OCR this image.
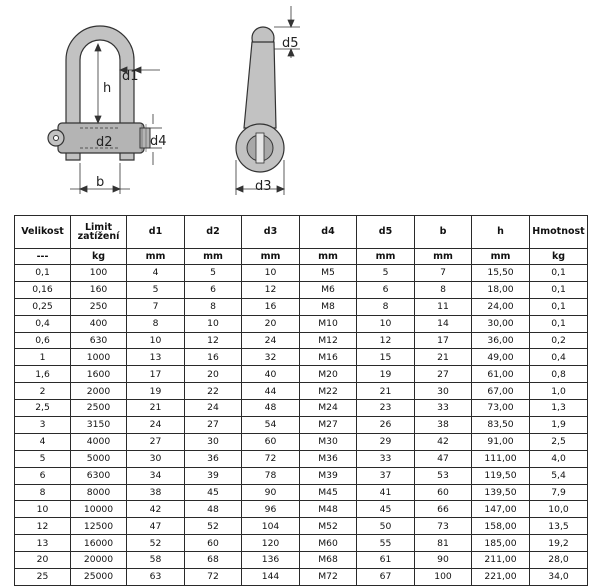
h
d1
d2	d4
b
d5
d3
Velikost	Limit zatížení	d1	d2	d3	d4	d5	b	h	Hmotnost
---	kg	mm	mm	mm	mm	mm	mm	mm	kg
0,1	100	4	5	10	M5	5	7	15,50	0,1
0,16	160	5	6	12	M6	6	8	18,00	0,1
0,25	250	7	8	16	M8	8	11	24,00	0,1
0,4	400	8	10	20	M10	10	14	30,00	0,1
0,6	630	10	12	24	M12	12	17	36,00	0,2
1	1000	13	16	32	M16	15	21	49,00	0,4
1,6	1600	17	20	40	M20	19	27	61,00	0,8
2	2000	19	22	44	M22	21	30	67,00	1,0
2,5	2500	21	24	48	M24	23	33	73,00	1,3
3	3150	24	27	54	M27	26	38	83,50	1,9
4	4000	27	30	60	M30	29	42	91,00	2,5
5	5000	30	36	72	M36	33	47	111,00	4,0
6	6300	34	39	78	M39	37	53	119,50	5,4
8	8000	38	45	90	M45	41	60	139,50	7,9
10	10000	42	48	96	M48	45	66	147,00	10,0
12	12500	47	52	104	M52	50	73	158,00	13,5
13	16000	52	60	120	M60	55	81	185,00	19,2
20	20000	58	68	136	M68	61	90	211,00	28,0
25	25000	63	72	144	M72	67	100	221,00	34,0
